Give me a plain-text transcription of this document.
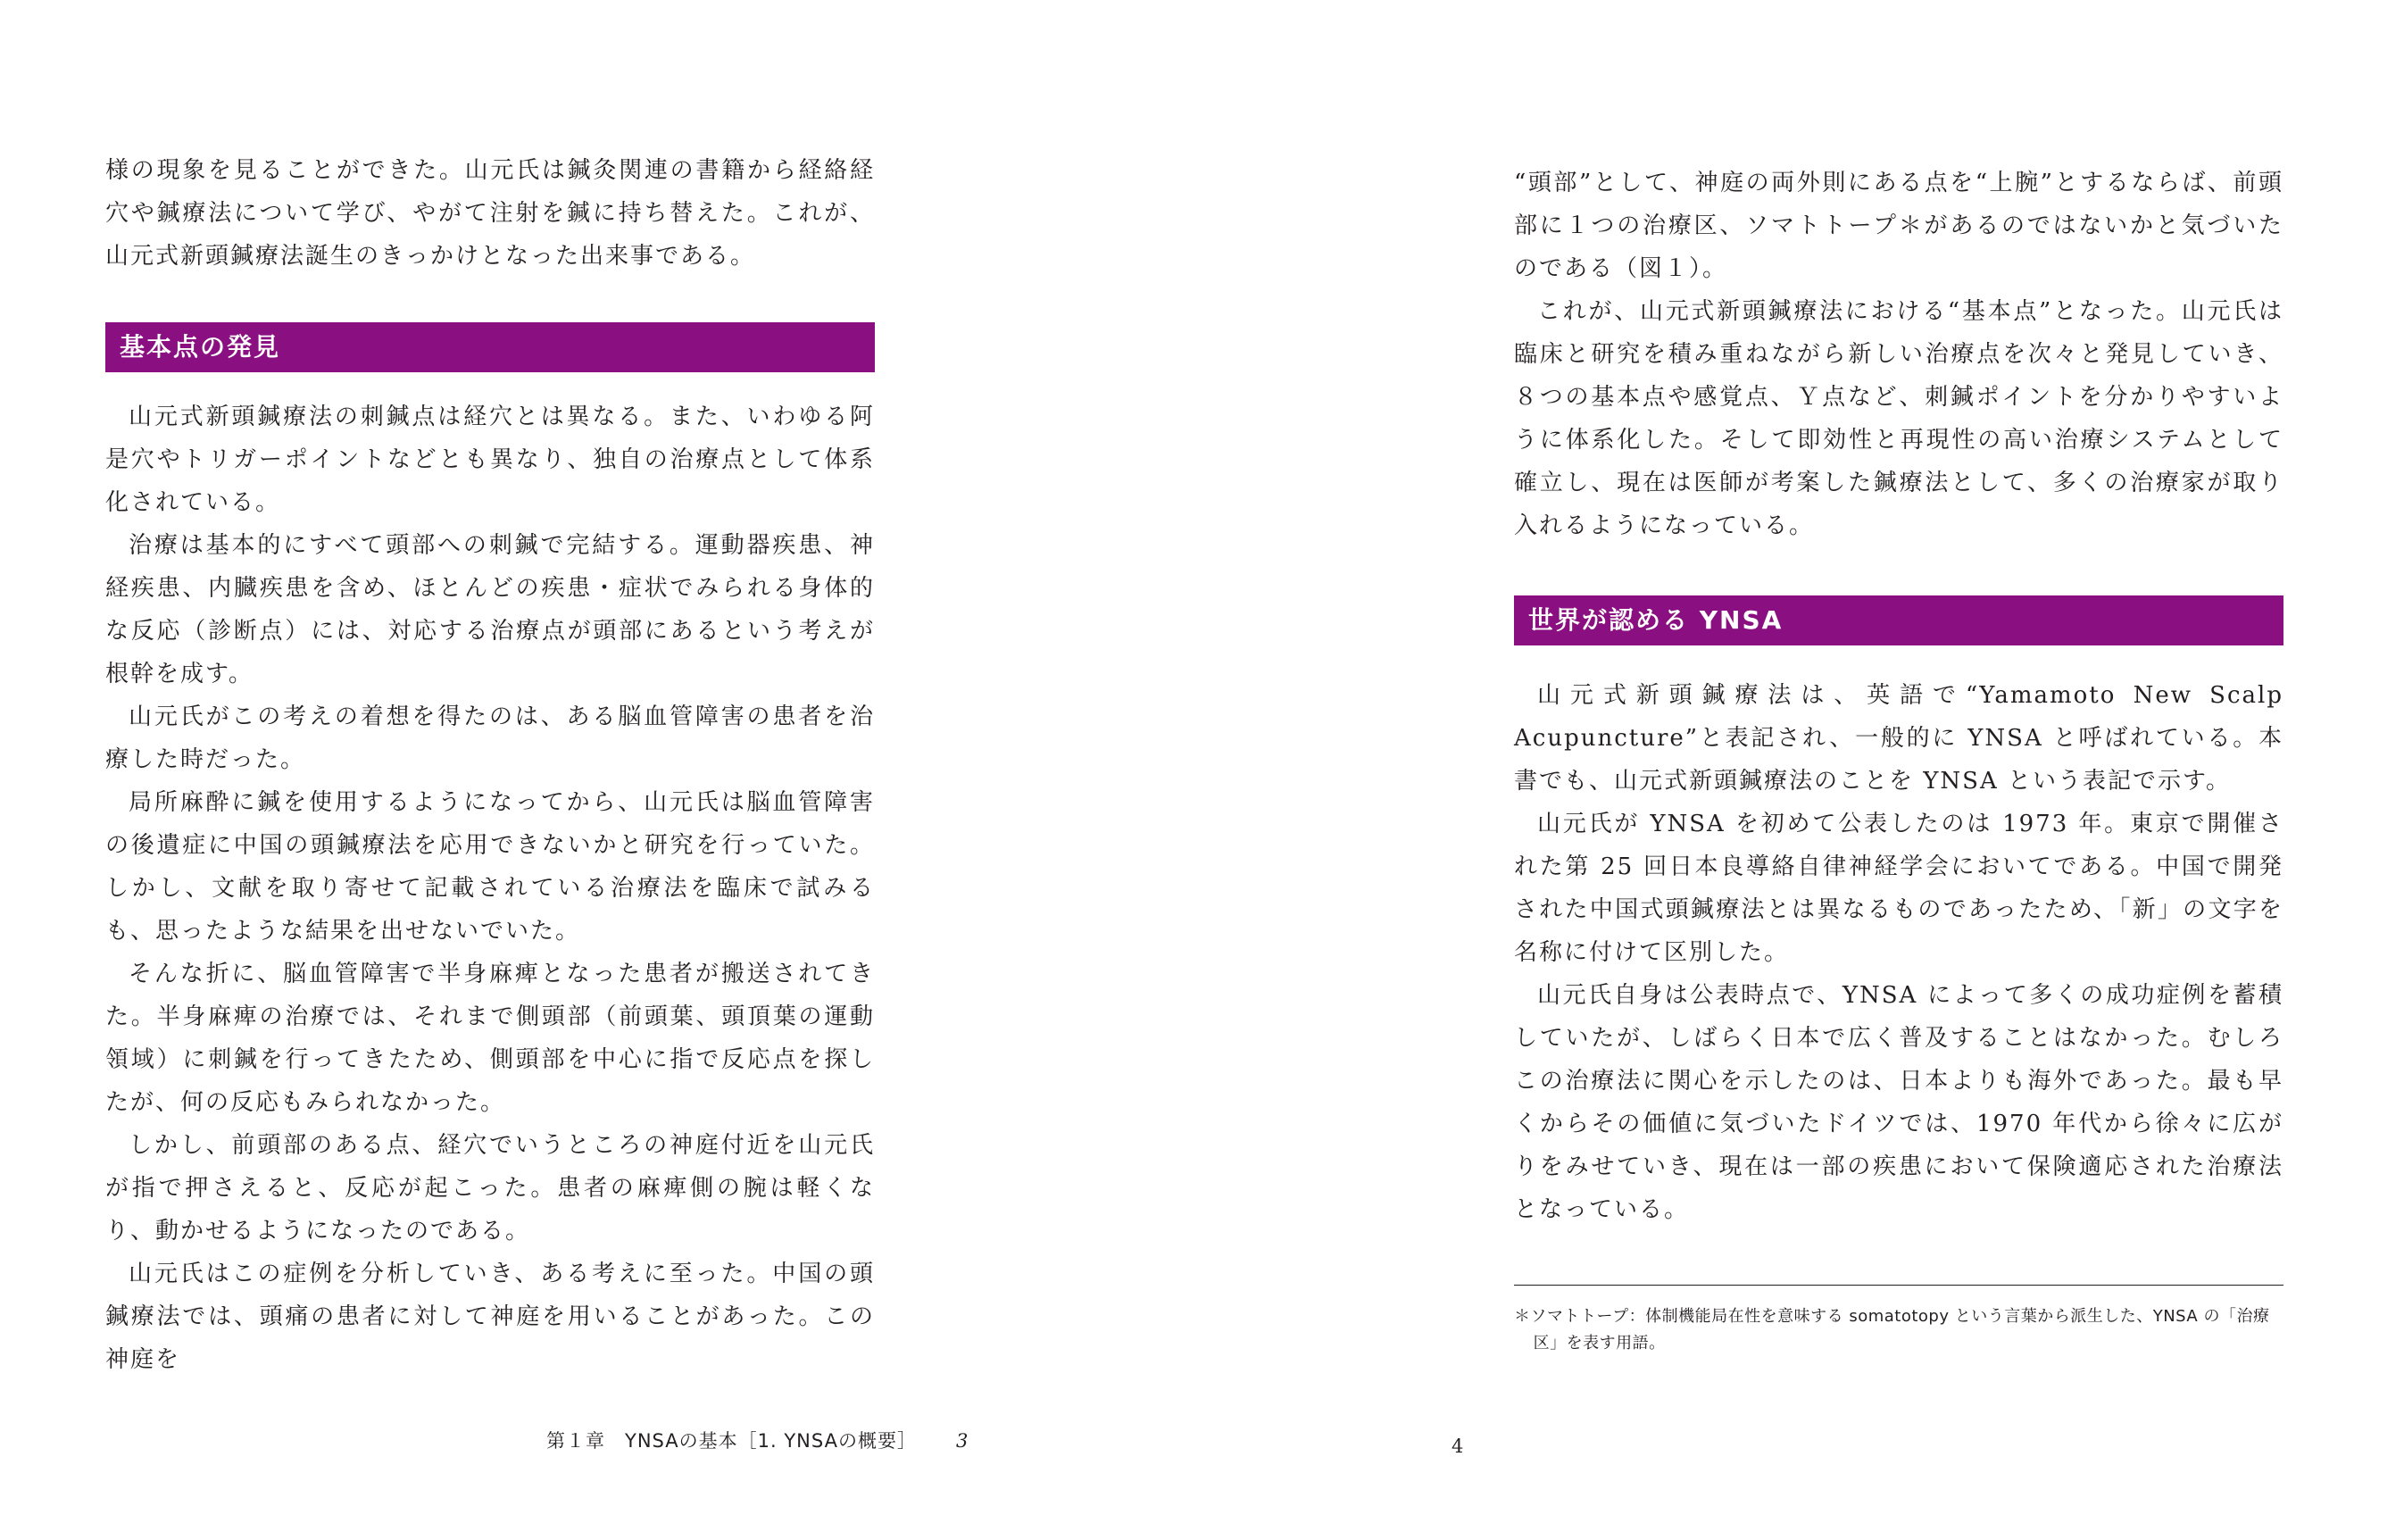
様の現象を見ることができた。山元氏は鍼灸関連の書籍から経絡経穴や鍼療法について学び、やがて注射を鍼に持ち替えた。これが、山元式新頭鍼療法誕生のきっかけとなった出来事である。

基本点の発見

山元式新頭鍼療法の刺鍼点は経穴とは異なる。また、いわゆる阿是穴やトリガーポイントなどとも異なり、独自の治療点として体系化されている。

治療は基本的にすべて頭部への刺鍼で完結する。運動器疾患、神経疾患、内臓疾患を含め、ほとんどの疾患・症状でみられる身体的な反応（診断点）には、対応する治療点が頭部にあるという考えが根幹を成す。

山元氏がこの考えの着想を得たのは、ある脳血管障害の患者を治療した時だった。

局所麻酔に鍼を使用するようになってから、山元氏は脳血管障害の後遺症に中国の頭鍼療法を応用できないかと研究を行っていた。しかし、文献を取り寄せて記載されている治療法を臨床で試みるも、思ったような結果を出せないでいた。

そんな折に、脳血管障害で半身麻痺となった患者が搬送されてきた。半身麻痺の治療では、それまで側頭部（前頭葉、頭頂葉の運動領域）に刺鍼を行ってきたため、側頭部を中心に指で反応点を探したが、何の反応もみられなかった。

しかし、前頭部のある点、経穴でいうところの神庭付近を山元氏が指で押さえると、反応が起こった。患者の麻痺側の腕は軽くなり、動かせるようになったのである。

山元氏はこの症例を分析していき、ある考えに至った。中国の頭鍼療法では、頭痛の患者に対して神庭を用いることがあった。この神庭を

第１章　YNSAの基本［1. YNSAの概要］ 3

“頭部”として、神庭の両外則にある点を“上腕”とするならば、前頭部に１つの治療区、ソマトトープ＊があるのではないかと気づいたのである（図１）。

これが、山元式新頭鍼療法における“基本点”となった。山元氏は臨床と研究を積み重ねながら新しい治療点を次々と発見していき、８つの基本点や感覚点、Ｙ点など、刺鍼ポイントを分かりやすいように体系化した。そして即効性と再現性の高い治療システムとして確立し、現在は医師が考案した鍼療法として、多くの治療家が取り入れるようになっている。

世界が認める YNSA

山元式新頭鍼療法は、英語で“Yamamoto New Scalp Acupuncture”と表記され、一般的に YNSA と呼ばれている。本書でも、山元式新頭鍼療法のことを YNSA という表記で示す。

山元氏が YNSA を初めて公表したのは 1973 年。東京で開催された第 25 回日本良導絡自律神経学会においてである。中国で開発された中国式頭鍼療法とは異なるものであったため、「新」の文字を名称に付けて区別した。

山元氏自身は公表時点で、YNSA によって多くの成功症例を蓄積していたが、しばらく日本で広く普及することはなかった。むしろこの治療法に関心を示したのは、日本よりも海外であった。最も早くからその価値に気づいたドイツでは、1970 年代から徐々に広がりをみせていき、現在は一部の疾患において保険適応された治療法となっている。

＊ソマトトープ：体制機能局在性を意味する somatotopy という言葉から派生した、YNSA の「治療区」を表す用語。
4
